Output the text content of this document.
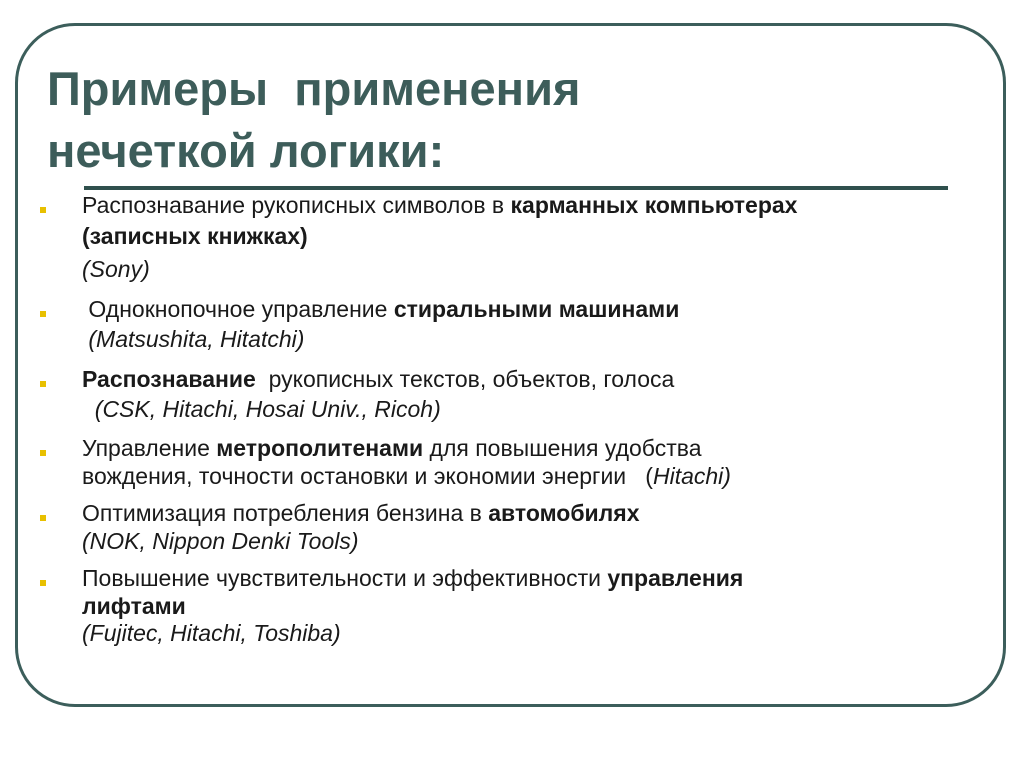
Примеры  применения
нечеткой логики:
Распознавание рукописных символов в карманных компьютерах
(записных книжках)
(Sony)
Однокнопочное управление стиральными машинами
(Matsushita, Hitatchi)
Распознавание  рукописных текстов, объектов, голоса
(CSK, Hitachi, Hosai Univ., Ricoh)
Управление метрополитенами для повышения удобства
вождения, точности остановки и экономии энергии   (Hitachi)
Оптимизация потребления бензина в автомобилях
(NOK, Nippon Denki Tools)
Повышение чувствительности и эффективности управления
лифтами
(Fujitec, Hitachi, Toshiba)
